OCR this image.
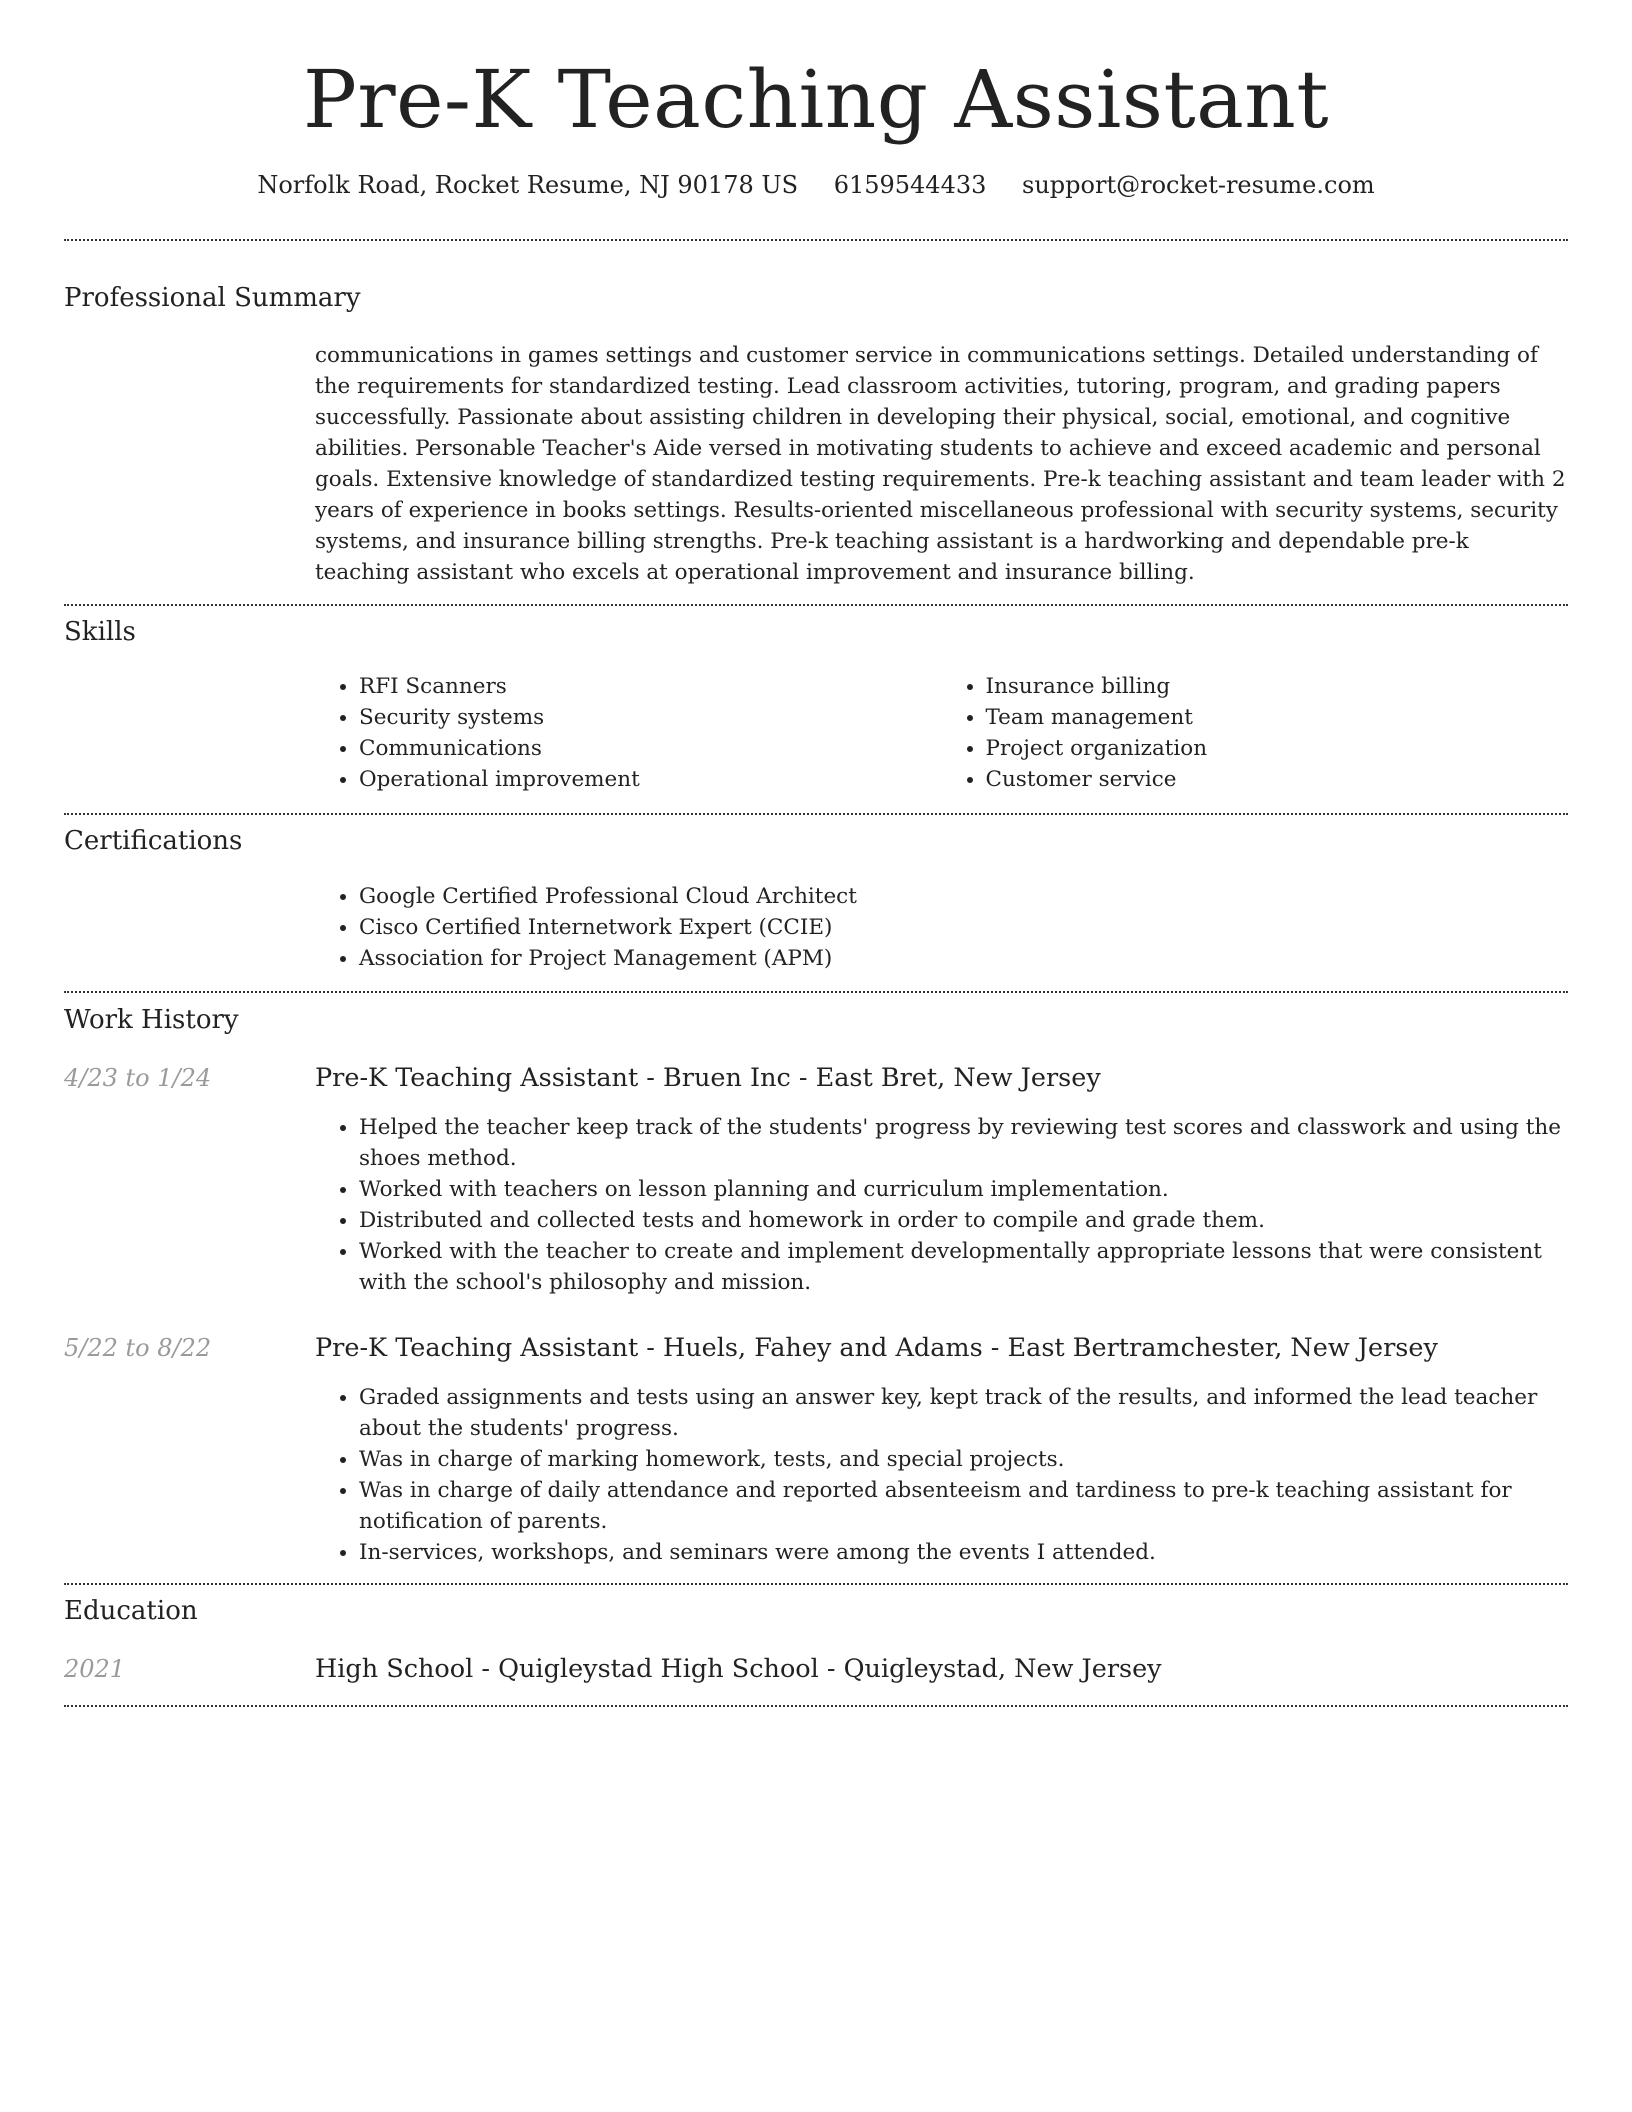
Pre-K Teaching Assistant
Norfolk Road, Rocket Resume, NJ 90178 US 6159544433 support@rocket-resume.com
Professional Summary

communications in games settings and customer service in communications settings. Detailed understanding of the requirements for standardized testing. Lead classroom activities, tutoring, program, and grading papers successfully. Passionate about assisting children in developing their physical, social, emotional, and cognitive abilities. Personable Teacher's Aide versed in motivating students to achieve and exceed academic and personal goals. Extensive knowledge of standardized testing requirements. Pre-k teaching assistant and team leader with 2 years of experience in books settings. Results-oriented miscellaneous professional with security systems, security systems, and insurance billing strengths. Pre-k teaching assistant is a hardworking and dependable pre-k teaching assistant who excels at operational improvement and insurance billing.

Skills
• RFI Scanners
• Security systems
• Communications
• Operational improvement
• Insurance billing
• Team management
• Project organization
• Customer service
Certifications
• Google Certified Professional Cloud Architect
• Cisco Certified Internetwork Expert (CCIE)
• Association for Project Management (APM)
Work History
4/23 to 1/24	Pre-K Teaching Assistant - Bruen Inc - East Bret, New Jersey
• Helped the teacher keep track of the students' progress by reviewing test scores and classwork and using the shoes method.
• Worked with teachers on lesson planning and curriculum implementation.
• Distributed and collected tests and homework in order to compile and grade them.
• Worked with the teacher to create and implement developmentally appropriate lessons that were consistent with the school's philosophy and mission.
5/22 to 8/22	Pre-K Teaching Assistant - Huels, Fahey and Adams - East Bertramchester, New Jersey
• Graded assignments and tests using an answer key, kept track of the results, and informed the lead teacher about the students' progress.
• Was in charge of marking homework, tests, and special projects.
• Was in charge of daily attendance and reported absenteeism and tardiness to pre-k teaching assistant for notification of parents.
• In-services, workshops, and seminars were among the events I attended.
Education
2021	High School - Quigleystad High School - Quigleystad, New Jersey
